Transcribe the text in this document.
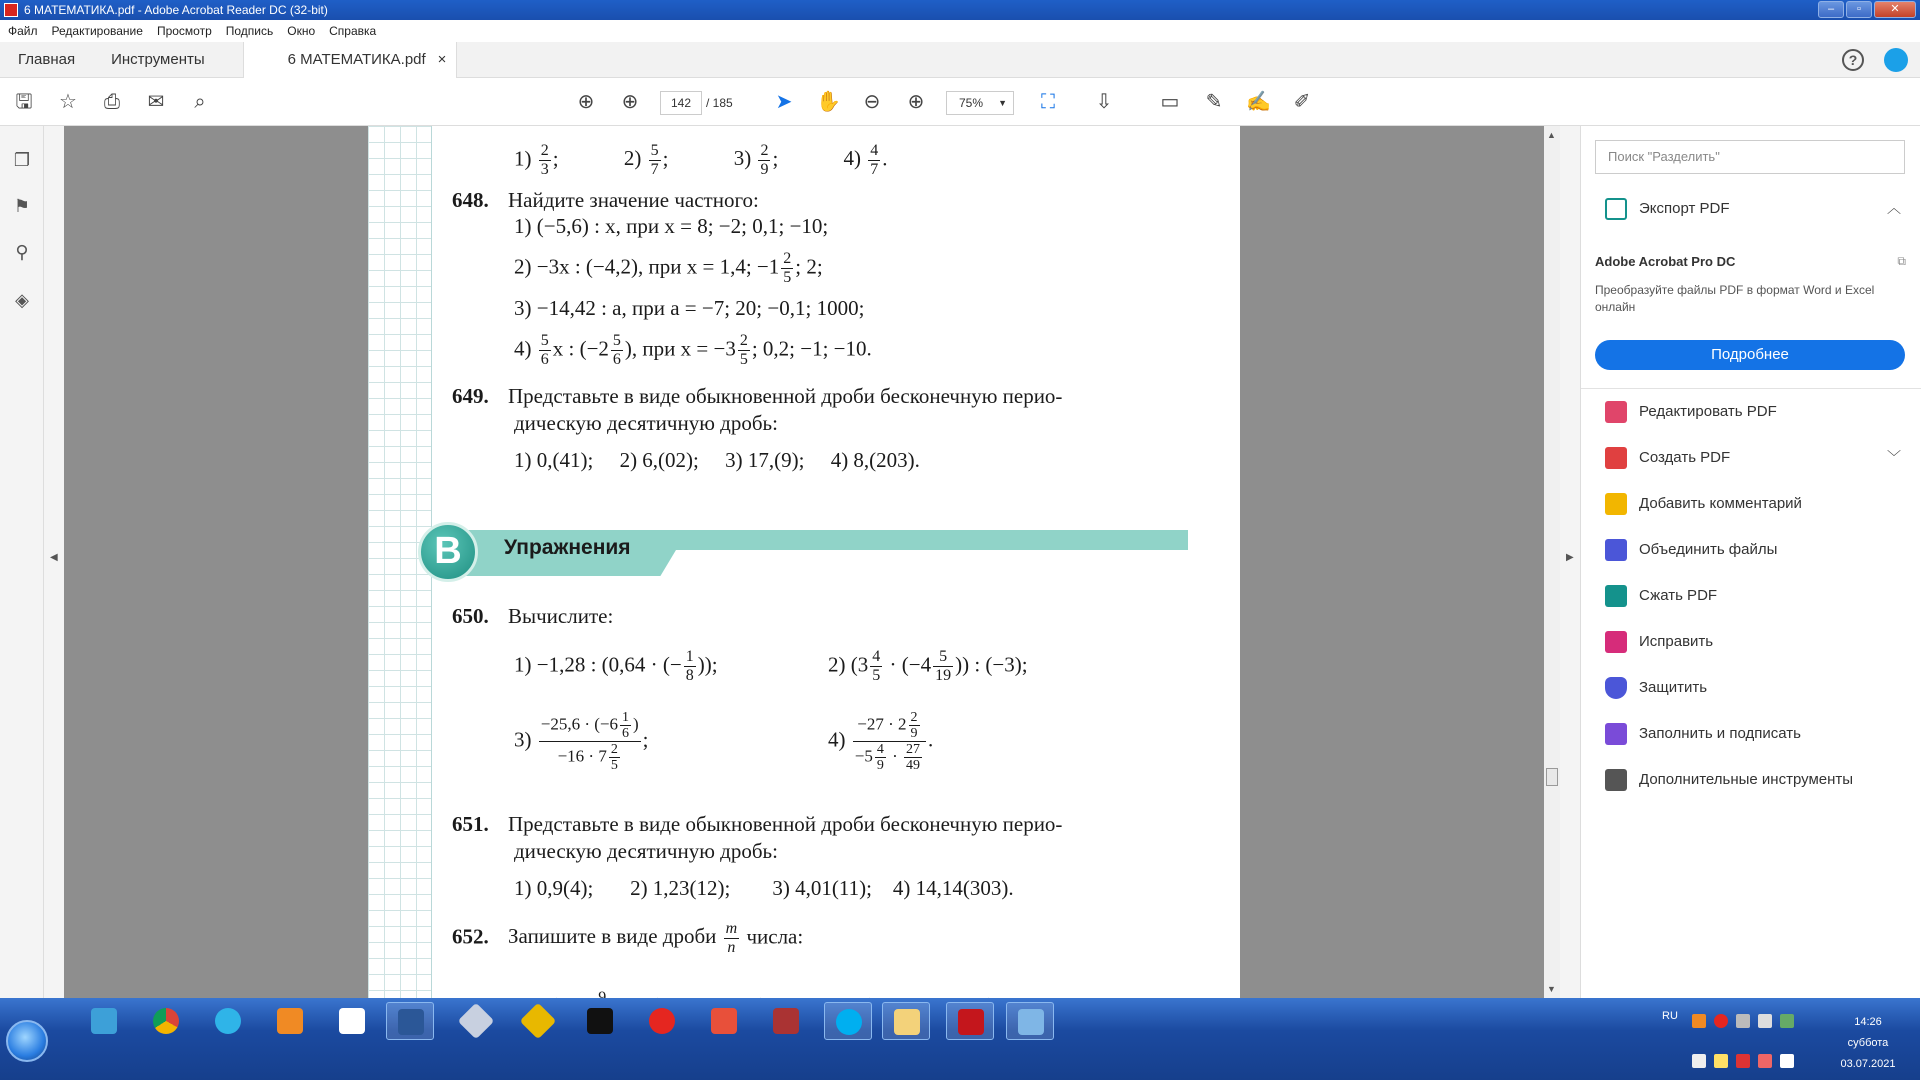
6 МАТЕМАТИКА.pdf - Adobe Acrobat Reader DC (32-bit)	–	▫	✕
Файл Редактирование Просмотр Подпись Окно Справка
Главная	Инструменты	6 МАТЕМАТИКА.pdf ×	?
🖫 ☆ ⎙ ✉	⌕	⊕ ⊕	142	/ 185 ➤ ✋ ⊖ ⊕	75% ▼ ⛶ ⇩ ▭ ✎ ✍ ✐
❐
⚑
⚲
◈
◀
$1) \frac{2}{3}$ ;	$2) \frac{5}{7}$ ;	$3) \frac{2}{9}$ ;	$4) \frac{4}{7}$ .
648. Найдите значение частного:
1) (−5,6) : x, при x = 8; −2; 0,1; −10;
2) −3x : (−4,2), при x = 1,4; $-1 \frac{2}{5}$ ; 2;
3) −14,42 : a, при a = −7; 20; −0,1; 1000;
$4) \frac{5}{6}$ x : ($-2 \frac{5}{6}$ ), при $x = -3 \frac{2}{5}$ ; 0,2; −1; −10.
649. Представьте в виде обыкновенной дроби бесконечную перио-
дическую десятичную дробь:
1) 0,(41);     2) 6,(02);     3) 17,(9);     4) 8,(203).
B	Упражнения
650. Вычислите:
1) −1,28 : (0,64 · (− $\frac{1}{8}$ ));	2) ($3 \frac{4}{5} \cdot (-4 \frac{5}{19}$ )) : (−3);
$3) \frac{-25,6 \cdot (-6 \frac{1}{6} )}{-16 \cdot 7 \frac{2}{5}}$ ;	$4) \frac{-27 \cdot 2 \frac{2}{9}}{-5 \frac{4}{9} \cdot \frac{27}{49}}$ .
651. Представьте в виде обыкновенной дроби бесконечную перио-
дическую десятичную дробь:
1) 0,9(4);       2) 1,23(12);        3) 4,01(11);    4) 14,14(303).
652. Запишите в виде дроби $\frac{m}{n}$ числа:

▲
▼
▶
Поиск "Разделить"
Экспорт PDF	︿
Adobe Acrobat Pro DC	⧉
Преобразуйте файлы PDF в формат Word и Excel онлайн
Подробнее
Редактировать PDF
Создать PDF	﹀
Добавить комментарий
Объединить файлы
Сжать PDF
Исправить
Защитить
Заполнить и подписать
Дополнительные инструменты
RU	14:26
суббота
03.07.2021
